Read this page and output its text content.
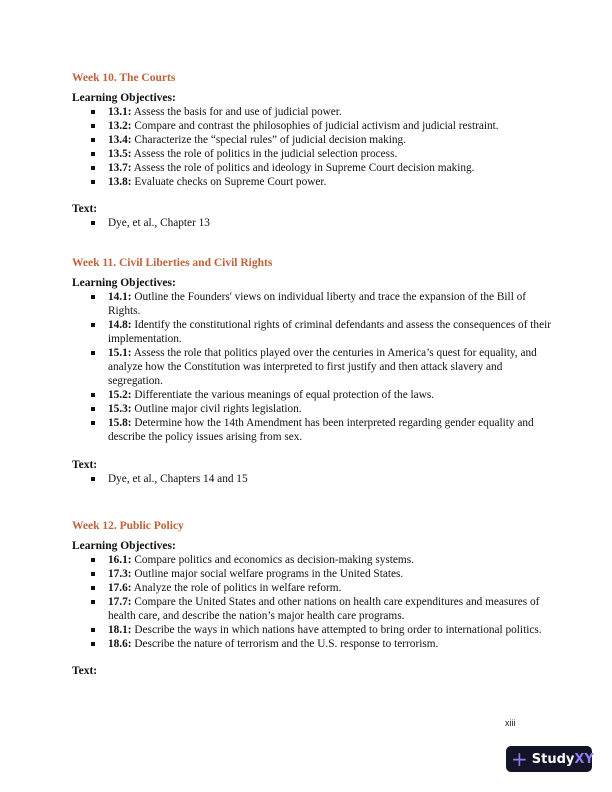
Week 10. The Courts

Learning Objectives:

13.1: Assess the basis for and use of judicial power.
13.2: Compare and contrast the philosophies of judicial activism and judicial restraint.
13.4: Characterize the “special rules” of judicial decision making.
13.5: Assess the role of politics in the judicial selection process.
13.7: Assess the role of politics and ideology in Supreme Court decision making.
13.8: Evaluate checks on Supreme Court power.
Text:
Dye, et al., Chapter 13

Week 11. Civil Liberties and Civil Rights

Learning Objectives:

14.1: Outline the Founders' views on individual liberty and trace the expansion of the Bill of Rights.
14.8: Identify the constitutional rights of criminal defendants and assess the consequences of their implementation.
15.1: Assess the role that politics played over the centuries in America’s quest for equality, and analyze how the Constitution was interpreted to first justify and then attack slavery and segregation.
15.2: Differentiate the various meanings of equal protection of the laws.
15.3: Outline major civil rights legislation.
15.8: Determine how the 14th Amendment has been interpreted regarding gender equality and describe the policy issues arising from sex.
Text:
Dye, et al., Chapters 14 and 15

Week 12. Public Policy

Learning Objectives:

16.1: Compare politics and economics as decision-making systems.
17.3: Outline major social welfare programs in the United States.
17.6: Analyze the role of politics in welfare reform.
17.7: Compare the United States and other nations on health care expenditures and measures of health care, and describe the nation’s major health care programs.
18.1: Describe the ways in which nations have attempted to bring order to international politics.
18.6: Describe the nature of terrorism and the U.S. response to terrorism.
Text:
xiii
+ Study XY
